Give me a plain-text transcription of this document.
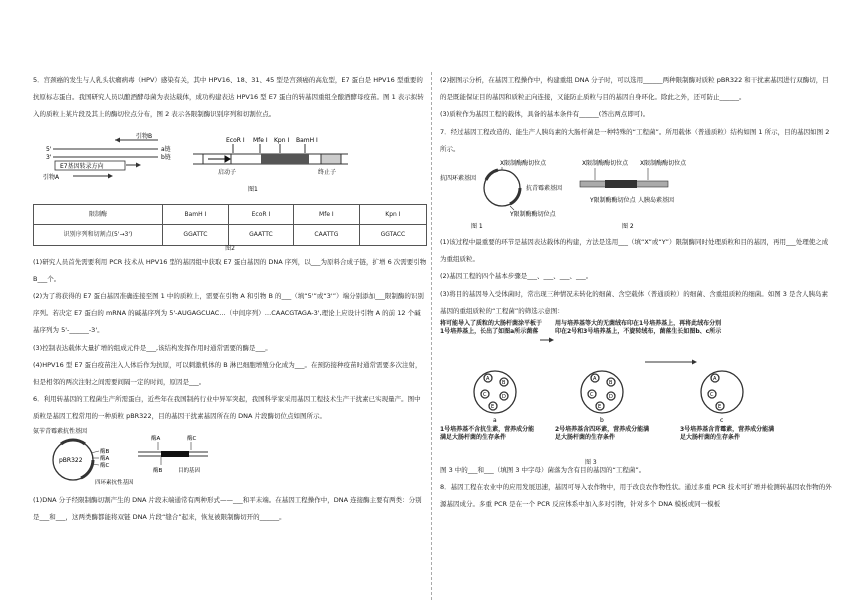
5．宫颈癌的发生与人乳头状瘤病毒（HPV）感染有关，其中 HPV16、18、31、45 型是宫颈癌的高危型，E7 蛋白是 HPV16 型重要的抗原标志蛋白。我国研究人员以酿酒酵母菌为表达载体，成功构建表达 HPV16 型 E7 蛋白的转基因重组全酿酒酵母疫苗。图 1 表示拟转入的质粒上某片段及其上的酶切位点分布，图 2 表示各限制酶识别序列和切割位点。

引物B
5'
3'
a链
b链
E7基因转录方向
引物A
EcoR Ⅰ Mfe Ⅰ Kpn Ⅰ BamH Ⅰ
启动子	终止子
图1
限制酶	BamH Ⅰ	EcoR Ⅰ	Mfe Ⅰ	Kpn Ⅰ
识别序列和切割点(5'→3')	GGATTC	GAATTC	CAATTG	GGTACC
图2

(1)研究人员首先需要利用 PCR 技术从 HPV16 型的基因组中获取 E7 蛋白基因的 DNA 序列，以___为原料合成子链，扩增 6 次需要引物 B___个。

(2)为了将获得的 E7 蛋白基因准确连接至图 1 中的质粒上，需要在引物 A 和引物 B 的___（填“5'”或“3'”）端分别添加___限制酶的识别序列。若决定 E7 蛋白的 mRNA 的碱基序列为 5'-AUGAGCUAC…（中间序列）…CAACGTAGA-3',理论上应设计引物 A 的前 12 个碱基序列为 5'-______-3'。

(3)控制表达载体大量扩增的组成元件是___,该结构发挥作用时通常需要的酶是___。

(4)HPV16 型 E7 蛋白疫苗注入人体后作为抗原，可以刺激机体的 B 淋巴细胞增殖分化成为___。在预防接种疫苗时通常需要多次注射，但是相邻的两次注射之间需要间隔一定的时间，原因是___。

6．利用转基因的工程菌生产所需蛋白，近些年在我国制药行业中异军突起，我国科学家采用基因工程技术生产干扰素已实现量产。图中质粒是基因工程常用的一种质粒 pBR322，目的基因干扰素基因所在的 DNA 片段酶切位点如图所示。

氨苄青霉素抗性基因
pBR322
酶B
酶A
酶C
四环素抗性基因
酶A	酶C
酶B	目的基因

(1)DNA 分子经限制酶切割产生的 DNA 片段末端通常有两种形式——___和平末端。在基因工程操作中，DNA 连接酶主要有两类：分别是___和___，这两类酶都能将双链 DNA 片段“缝合”起来，恢复被限制酶切开的______。

(2)据图示分析，在基因工程操作中，构建重组 DNA 分子时，可以选用______两种限制酶对质粒 pBR322 和干扰素基因进行双酶切，目的是既能保证目的基因和质粒正向连接，又能防止质粒与目的基因自身环化。除此之外，还可防止______。

(3)质粒作为基因工程的载体，具备的基本条件有______(答出两点即可)。

7．经过基因工程改造的、能生产人胰岛素的大肠杆菌是一种特殊的“工程菌”。所用载体（普通质粒）结构如图 1 所示，目的基因如图 2 所示。

抗四环素基因
X限制酶酶切位点
抗青霉素基因
Y限制酶酶切位点
图 1
X限制酶酶切位点 X限制酶酶切位点
Y限制酶酶切位点 人胰岛素基因
图 2

(1)该过程中最重要的环节是基因表达载体的构建，方法是选用___（填“X”或“Y”）限制酶同时处理质粒和目的基因，再用___处理使之成为重组质粒。

(2)基因工程的四个基本步骤是___、___、___、___。

(3)将目的基因导入受体菌时，常出现三种情况未转化的细菌、含空载体（普通质粒）的细菌、含重组质粒的细菌。如图 3 是含人胰岛素基因的重组质粒的“工程菌”的筛选示意图：

将可能导入了质粒的大肠杆菌涂平板于1号培养基上，长出了如图a所示菌落
用与培养基等大的无菌绒布印在1号培养基上，再将此绒布分别印在2号和3号培养基上，不旋转绒布，菌落生长如图b、c所示
A
B
C	D
E
a
A
B
C	D
E
b
A
C
E
c
1号培养基不含抗生素，营养成分能满足大肠杆菌的生存条件
2号培养基含四环素，营养成分能满足大肠杆菌的生存条件
3号培养基含青霉素，营养成分能满足大肠杆菌的生存条件
图 3

图 3 中的___和___（填图 3 中字母）菌落为含有目的基因的“工程菌”。

8．基因工程在农业中的应用发展迅速，基因可导入农作物中，用于改良农作物性状。通过多重 PCR 技术可扩增并检测转基因农作物的外源基因成分。多重 PCR 是在一个 PCR 反应体系中加入多对引物，针对多个 DNA 模板或同一模板
